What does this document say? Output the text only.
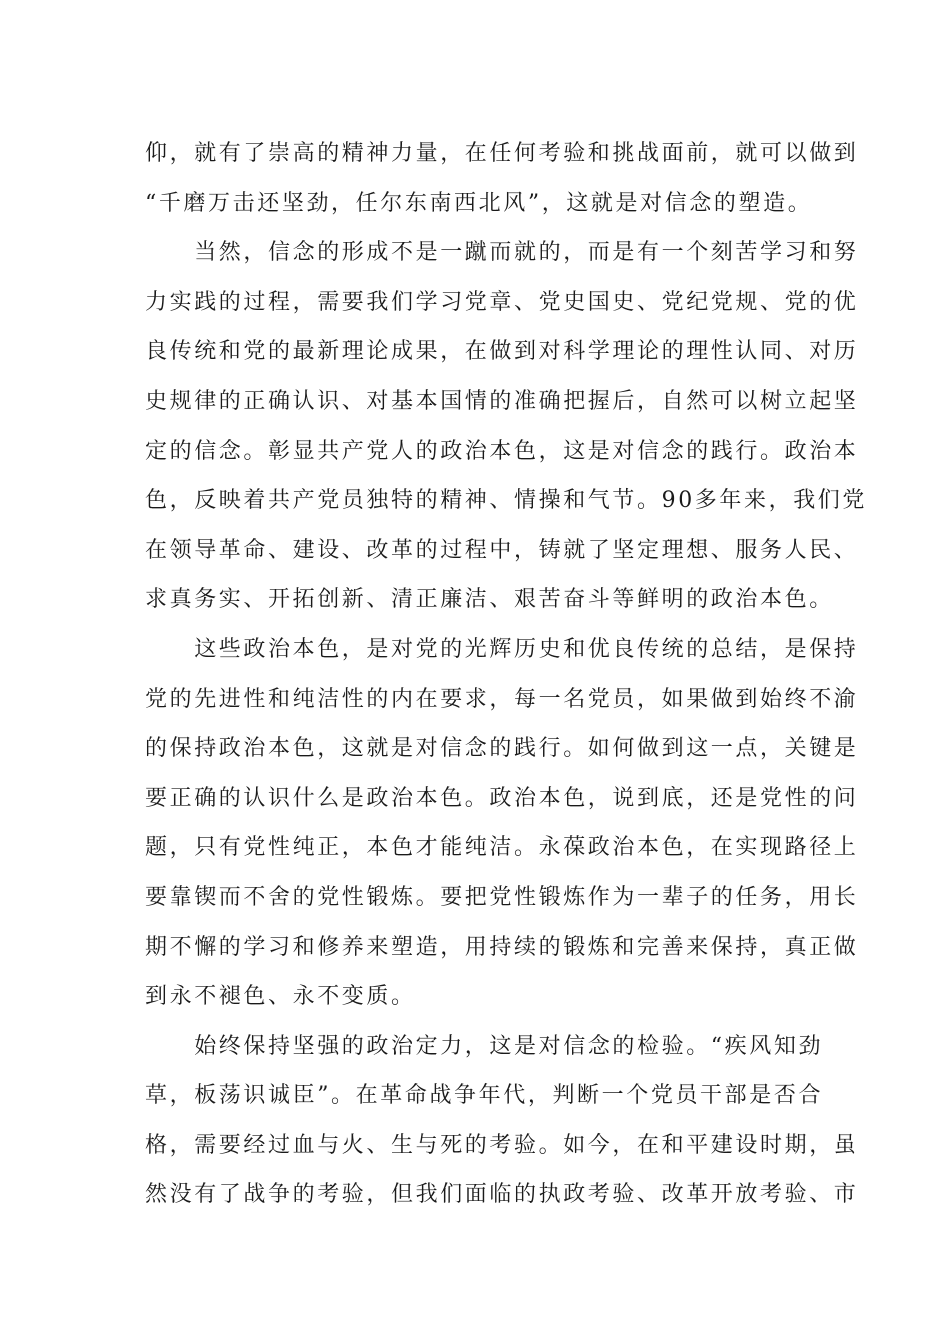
仰，就有了崇高的精神力量，在任何考验和挑战面前，就可以做到
“千磨万击还坚劲，任尔东南西北风”，这就是对信念的塑造。
　　当然，信念的形成不是一蹴而就的，而是有一个刻苦学习和努
力实践的过程，需要我们学习党章、党史国史、党纪党规、党的优
良传统和党的最新理论成果，在做到对科学理论的理性认同、对历
史规律的正确认识、对基本国情的准确把握后，自然可以树立起坚
定的信念。彰显共产党人的政治本色，这是对信念的践行。政治本
色，反映着共产党员独特的精神、情操和气节。90多年来，我们党
在领导革命、建设、改革的过程中，铸就了坚定理想、服务人民、
求真务实、开拓创新、清正廉洁、艰苦奋斗等鲜明的政治本色。
　　这些政治本色，是对党的光辉历史和优良传统的总结，是保持
党的先进性和纯洁性的内在要求，每一名党员，如果做到始终不渝
的保持政治本色，这就是对信念的践行。如何做到这一点，关键是
要正确的认识什么是政治本色。政治本色，说到底，还是党性的问
题，只有党性纯正，本色才能纯洁。永葆政治本色，在实现路径上
要靠锲而不舍的党性锻炼。要把党性锻炼作为一辈子的任务，用长
期不懈的学习和修养来塑造，用持续的锻炼和完善来保持，真正做
到永不褪色、永不变质。
　　始终保持坚强的政治定力，这是对信念的检验。“疾风知劲
草，板荡识诚臣”。在革命战争年代，判断一个党员干部是否合
格，需要经过血与火、生与死的考验。如今，在和平建设时期，虽
然没有了战争的考验，但我们面临的执政考验、改革开放考验、市
